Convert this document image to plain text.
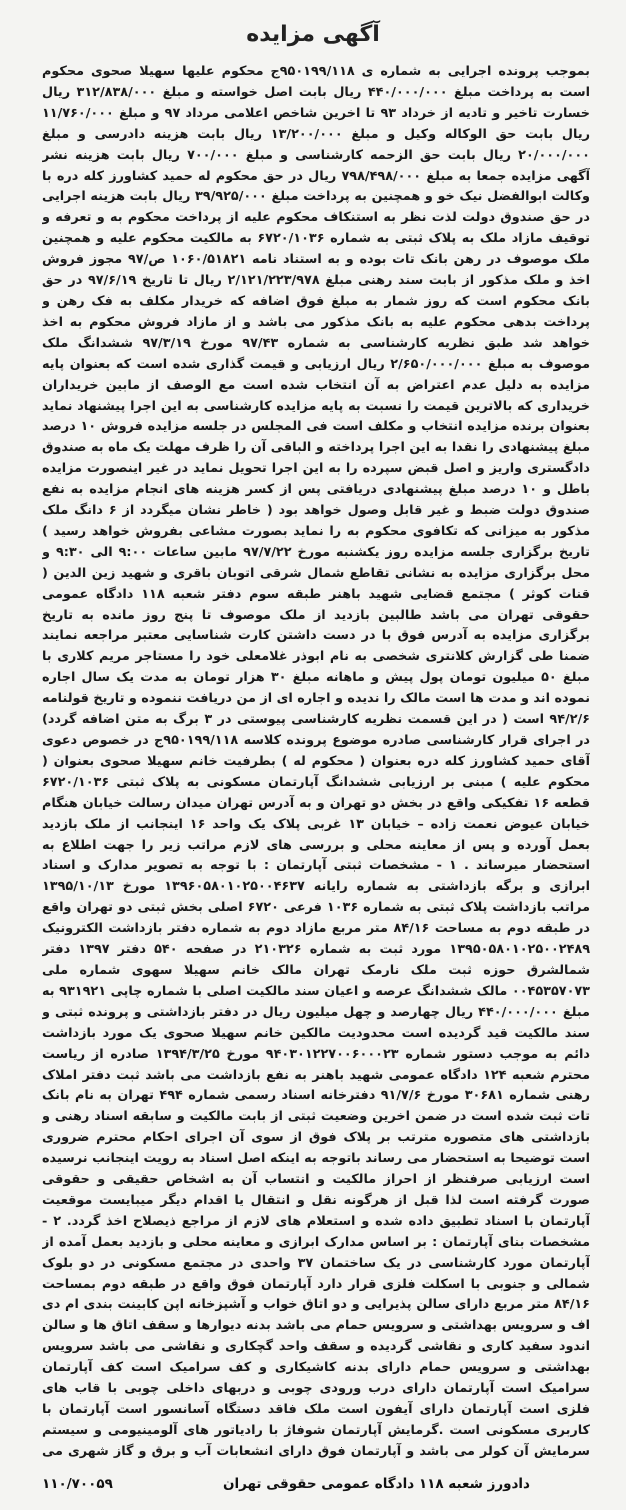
آگهی مزایده
بموجب پرونده اجرایی به شماره ی ۹۵۰۱۹۹/۱۱۸ج محکوم علیها سهیلا صحوی محکوم است به پرداخت مبلغ ۴۴۰/۰۰۰/۰۰۰ ریال بابت اصل خواسته و مبلغ ۳۱۲/۸۳۸/۰۰۰ ریال خسارت تاخیر و تادیه از خرداد ۹۳ تا اخرین شاخص اعلامی مرداد ۹۷ و مبلغ ۱۱/۷۶۰/۰۰۰ ریال بابت حق الوکاله وکیل و مبلغ ۱۳/۲۰۰/۰۰۰ ریال بابت هزینه دادرسی و مبلغ ۲۰/۰۰۰/۰۰۰ ریال بابت حق الزحمه کارشناسی و مبلغ ۷۰۰/۰۰۰ ریال بابت هزینه نشر آگهی مزایده جمعا به مبلغ ۷۹۸/۴۹۸/۰۰۰ ریال در حق محکوم له حمید کشاورز کله دره با وکالت ابوالفضل نیک خو و همچنین به پرداخت مبلغ ۳۹/۹۲۵/۰۰۰ ریال بابت هزینه اجرایی در حق صندوق دولت لذت نظر به استنکاف محکوم علیه از پرداخت محکوم به و تعرفه و توقیف مازاد ملک به پلاک ثبتی به شماره ۶۷۲۰/۱۰۳۶ به مالکیت محکوم علیه و همچنین ملک موصوف در رهن بانک تات بوده و به استناد نامه ۱۰۶۰/۵۱۸۲۱ ص/۹۷ مجوز فروش اخذ و ملک مذکور از بابت سند رهنی مبلغ ۲/۱۲۱/۲۲۳/۹۷۸ ریال تا تاریخ ۹۷/۶/۱۹ در حق بانک محکوم است که روز شمار به مبلغ فوق اضافه که خریدار مکلف به فک رهن و پرداخت بدهی محکوم علیه به بانک مذکور می باشد و از مازاد فروش محکوم به اخذ خواهد شد طبق نظریه کارشناسی به شماره ۹۷/۴۳ مورخ ۹۷/۳/۱۹ ششدانگ ملک موصوف به مبلغ ۲/۶۵۰/۰۰۰/۰۰۰ ریال ارزیابی و قیمت گذاری شده است که بعنوان پایه مزایده به دلیل عدم اعتراض به آن انتخاب شده است مع الوصف از مابین خریداران خریداری که بالاترین قیمت را نسبت به پایه مزایده کارشناسی به این اجرا پیشنهاد نماید بعنوان برنده مزایده انتخاب و مکلف است فی المجلس در جلسه مزایده فروش ۱۰ درصد مبلغ پیشنهادی را نقدا به این اجرا پرداخته و الباقی آن را ظرف مهلت یک ماه به صندوق دادگستری واریز و اصل قبض سپرده را به این اجرا تحویل نماید در غیر اینصورت مزایده باطل و ۱۰ درصد مبلغ پیشنهادی دریافتی پس از کسر هزینه های انجام مزایده به نفع صندوق دولت ضبط و غیر قابل وصول خواهد بود ( خاطر نشان میگردد از ۶ دانگ ملک مذکور به میزانی که تکافوی محکوم به را نماید بصورت مشاعی بفروش خواهد رسید ) تاریخ برگزاری جلسه مزایده روز یکشنبه مورخ ۹۷/۷/۲۲ مابین ساعات ۹:۰۰ الی ۹:۳۰ و محل برگزاری مزایده به نشانی تقاطع شمال شرقی اتوبان باقری و شهید زین الدین ( قنات کوثر ) مجتمع قضایی شهید باهنر طبقه سوم دفتر شعبه ۱۱۸ دادگاه عمومی حقوقی تهران می باشد طالبین بازدید از ملک موصوف تا پنج روز مانده به تاریخ برگزاری مزایده به آدرس فوق با در دست داشتن کارت شناسایی معتبر مراجعه نمایند ضمنا طی گزارش کلانتری شخصی به نام ابوذر غلامعلی خود را مستاجر مریم کلاری با مبلغ ۵۰ میلیون تومان پول پیش و ماهانه مبلغ ۳۰ هزار تومان به مدت یک سال اجاره نموده اند و مدت ها است مالک را ندیده و اجاره ای از من دریافت ننموده و تاریخ قولنامه ۹۴/۲/۶ است ( در این قسمت نظریه کارشناسی پیوستی در ۳ برگ به متن اضافه گردد) در اجرای قرار کارشناسی صادره موضوع پرونده کلاسه ۹۵۰۱۹۹/۱۱۸ج در خصوص دعوی آقای حمید کشاورز کله دره بعنوان ( محکوم له ) بطرفیت خانم سهیلا صحوی بعنوان ( محکوم علیه ) مبنی بر ارزیابی ششدانگ آپارتمان مسکونی به پلاک ثبتی ۶۷۲۰/۱۰۳۶ قطعه ۱۶ تفکیکی واقع در بخش دو تهران و به آدرس تهران میدان رسالت خیابان هنگام خیابان عیوض نعمت زاده – خیابان ۱۳ غربی پلاک یک واحد ۱۶ اینجانب از ملک بازدید بعمل آورده و پس از معاینه محلی و بررسی های لازم مراتب زیر را جهت اطلاع به استحضار میرساند . ۱ - مشخصات ثبتی آپارتمان : با توجه به تصویر مدارک و اسناد ابرازی و برگه بازداشتی به شماره رایانه ۱۳۹۶۰۵۸۰۱۰۲۵۰۰۴۶۳۷ مورخ ۱۳۹۵/۱۰/۱۳ مراتب بازداشت پلاک ثبتی به شماره ۱۰۳۶ فرعی ۶۷۲۰ اصلی بخش ثبتی دو تهران واقع در طبقه دوم به مساحت ۸۴/۱۶ متر مربع مازاد دوم به شماره دفتر بازداشت الکترونیک ۱۳۹۵۰۵۸۰۱۰۲۵۰۰۲۴۸۹ مورد ثبت به شماره ۲۱۰۳۲۶ در صفحه ۵۴۰ دفتر ۱۳۹۷ دفتر شمالشرق حوزه ثبت ملک نارمک تهران مالک خانم سهیلا سهوی شماره ملی ۰۰۴۵۳۵۷۰۷۳ مالک ششدانگ عرصه و اعیان سند مالکیت اصلی با شماره چاپی ۹۳۱۹۲۱ به مبلغ ۴۴۰/۰۰۰/۰۰۰ ریال چهارصد و چهل میلیون ریال در دفتر بازداشتی و پرونده ثبتی و سند مالکیت قید گردیده است محدودیت مالکین خانم سهیلا صحوی یک مورد بازداشت دائم به موجب دستور شماره ۹۴۰۳۰۱۲۲۷۰۰۶۰۰۰۲۳ مورخ ۱۳۹۴/۳/۲۵ صادره از ریاست محترم شعبه ۱۲۴ دادگاه عمومی شهید باهنر به نفع بازداشت می باشد ثبت دفتر املاک رهنی شماره ۳۰۶۸۱ مورخ ۹۱/۷/۶ دفترخانه اسناد رسمی شماره ۴۹۴ تهران به نام بانک تات ثبت شده است در ضمن اخرین وضعیت ثبتی از بابت مالکیت و سابقه اسناد رهنی و بازداشتی های متصوره مترتب بر پلاک فوق از سوی آن اجرای احکام محترم ضروری است توضیحا به استحضار می رساند باتوجه به اینکه اصل اسناد به رویت اینجانب نرسیده است ارزیابی صرفنظر از احراز مالکیت و انتساب آن به اشخاص حقیقی و حقوقی صورت گرفته است لذا قبل از هرگونه نقل و انتقال یا اقدام دیگر میبایست موقعیت آپارتمان با اسناد تطبیق داده شده و استعلام های لازم از مراجع ذیصلاح اخذ گردد. ۲ - مشخصات بنای آپارتمان : بر اساس مدارک ابرازی و معاینه محلی و بازدید بعمل آمده از آپارتمان مورد کارشناسی در یک ساختمان ۳۷ واحدی در مجتمع مسکونی در دو بلوک شمالی و جنوبی با اسکلت فلزی قرار دارد آپارتمان فوق واقع در طبقه دوم بمساحت ۸۴/۱۶ متر مربع دارای سالن پذیرایی و دو اتاق خواب و آشپزخانه اپن کابینت بندی ام دی اف و سرویس بهداشتی و سرویس حمام می باشد بدنه دیوارها و سقف اتاق ها و سالن اندود سفید کاری و نقاشی گردیده و سقف واحد گچکاری و نقاشی می باشد سرویس بهداشتی و سرویس حمام دارای بدنه کاشیکاری و کف سرامیک است کف آپارتمان سرامیک است آپارتمان دارای درب ورودی چوبی و دربهای داخلی چوبی با قاب های فلزی است آپارتمان دارای آیفون است ملک فاقد دستگاه آسانسور است آپارتمان با کاربری مسکونی است .گرمایش آپارتمان شوفاژ با رادیاتور های آلومینیومی و سیستم سرمایش آن کولر می باشد و آپارتمان فوق دارای انشعابات آب و برق و گاز شهری می
دادورز شعبه ۱۱۸ دادگاه عمومی حقوقی تهران
۱۱۰/۷۰۰۵۹
